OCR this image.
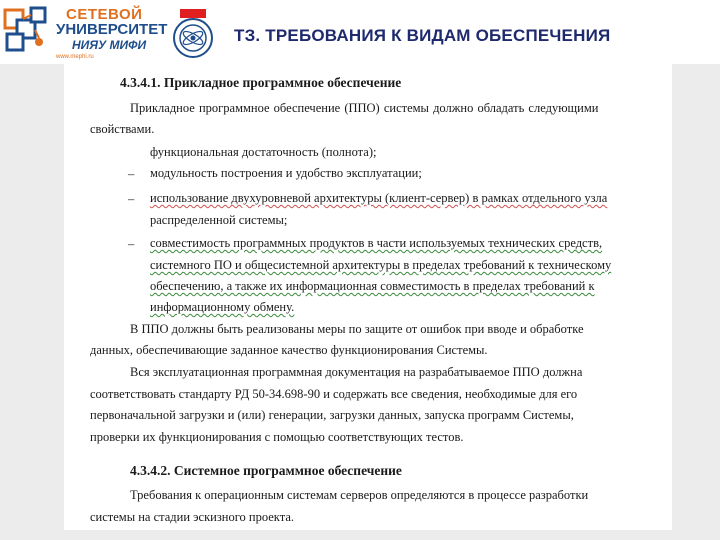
СЕТЕВОЙ
УНИВЕРСИТЕТ
НИЯУ МИФИ
www.mephi.ru
ТЗ. ТРЕБОВАНИЯ К ВИДАМ ОБЕСПЕЧЕНИЯ

4.3.4.1. Прикладное программное обеспечение

Прикладное программное обеспечение (ППО) системы должно обладать следующими

свойствами.

функциональная достаточность (полнота);

– модульность построения и удобство эксплуатации;

– использование двухуровневой архитектуры (клиент-сервер) в рамках отдельного узла

распределенной системы;

– совместимость программных продуктов в части используемых технических средств,

системного ПО и общесистемной архитектуры в пределах требований к техническому

обеспечению, а также их информационная совместимость в пределах требований к

информационному обмену.

В ППО должны быть реализованы меры по защите от ошибок при вводе и обработке

данных, обеспечивающие заданное качество функционирования Системы.

Вся эксплуатационная программная документация на разрабатываемое ППО должна

соответствовать стандарту РД 50-34.698-90 и содержать все сведения, необходимые для его

первоначальной загрузки и (или) генерации, загрузки данных, запуска программ Системы,

проверки их функционирования с помощью соответствующих тестов.

4.3.4.2. Системное программное обеспечение

Требования к операционным системам серверов определяются в процессе разработки

системы на стадии эскизного проекта.
